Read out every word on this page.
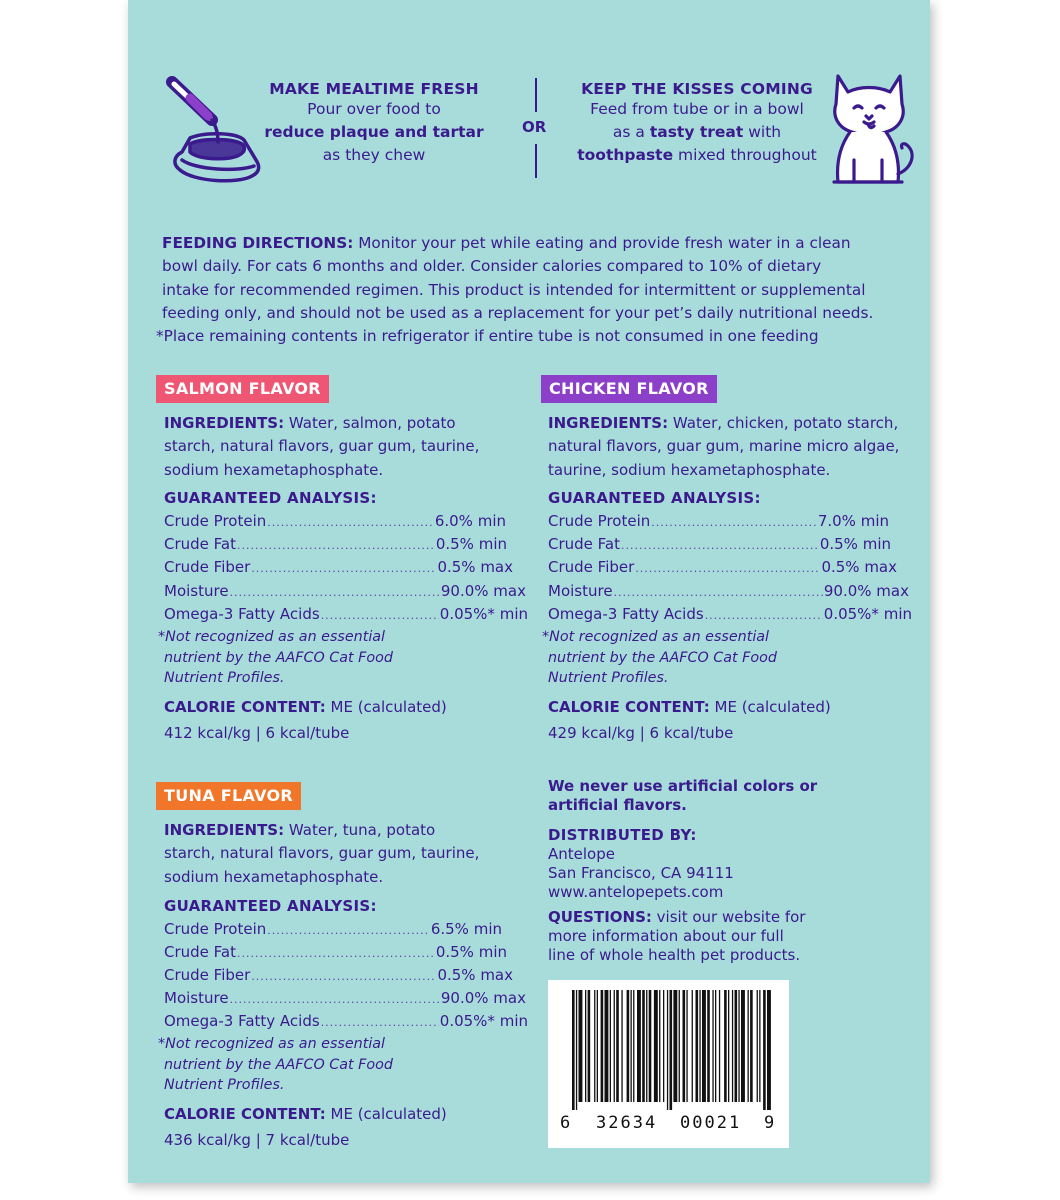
MAKE MEALTIME FRESH
Pour over food to
reduce plaque and tartar
as they chew
OR
KEEP THE KISSES COMING
Feed from tube or in a bowl
as a tasty treat with
toothpaste mixed throughout
FEEDING DIRECTIONS: Monitor your pet while eating and provide fresh water in a clean
bowl daily. For cats 6 months and older. Consider calories compared to 10% of dietary
intake for recommended regimen. This product is intended for intermittent or supplemental
feeding only, and should not be used as a replacement for your pet’s daily nutritional needs.
*Place remaining contents in refrigerator if entire tube is not consumed in one feeding
SALMON FLAVOR
INGREDIENTS: Water, salmon, potato
starch, natural flavors, guar gum, taurine,
sodium hexametaphosphate.
GUARANTEED ANALYSIS:
Crude Protein .....	6.0% min
Crude Fat .....	0.5% min
Crude Fiber .....	0.5% max
Moisture .....	90.0% max
Omega-3 Fatty Acids .....	0.05%* min
*Not recognized as an essential
nutrient by the AAFCO Cat Food
Nutrient Profiles.
CALORIE CONTENT: ME (calculated)
412 kcal/kg | 6 kcal/tube
CHICKEN FLAVOR
INGREDIENTS: Water, chicken, potato starch,
natural flavors, guar gum, marine micro algae,
taurine, sodium hexametaphosphate.
GUARANTEED ANALYSIS:
Crude Protein .....	7.0% min
Crude Fat .....	0.5% min
Crude Fiber .....	0.5% max
Moisture .....	90.0% max
Omega-3 Fatty Acids .....	0.05%* min
*Not recognized as an essential
nutrient by the AAFCO Cat Food
Nutrient Profiles.
CALORIE CONTENT: ME (calculated)
429 kcal/kg | 6 kcal/tube
TUNA FLAVOR
INGREDIENTS: Water, tuna, potato
starch, natural flavors, guar gum, taurine,
sodium hexametaphosphate.
GUARANTEED ANALYSIS:
Crude Protein .....	6.5% min
Crude Fat .....	0.5% min
Crude Fiber .....	0.5% max
Moisture .....	90.0% max
Omega-3 Fatty Acids .....	0.05%* min
*Not recognized as an essential
nutrient by the AAFCO Cat Food
Nutrient Profiles.
CALORIE CONTENT: ME (calculated)
436 kcal/kg | 7 kcal/tube
We never use artificial colors or
artificial flavors.
DISTRIBUTED BY:
Antelope
San Francisco, CA 94111
www.antelopepets.com
QUESTIONS: visit our website for
more information about our full
line of whole health pet products.
6 32634 00021 9
